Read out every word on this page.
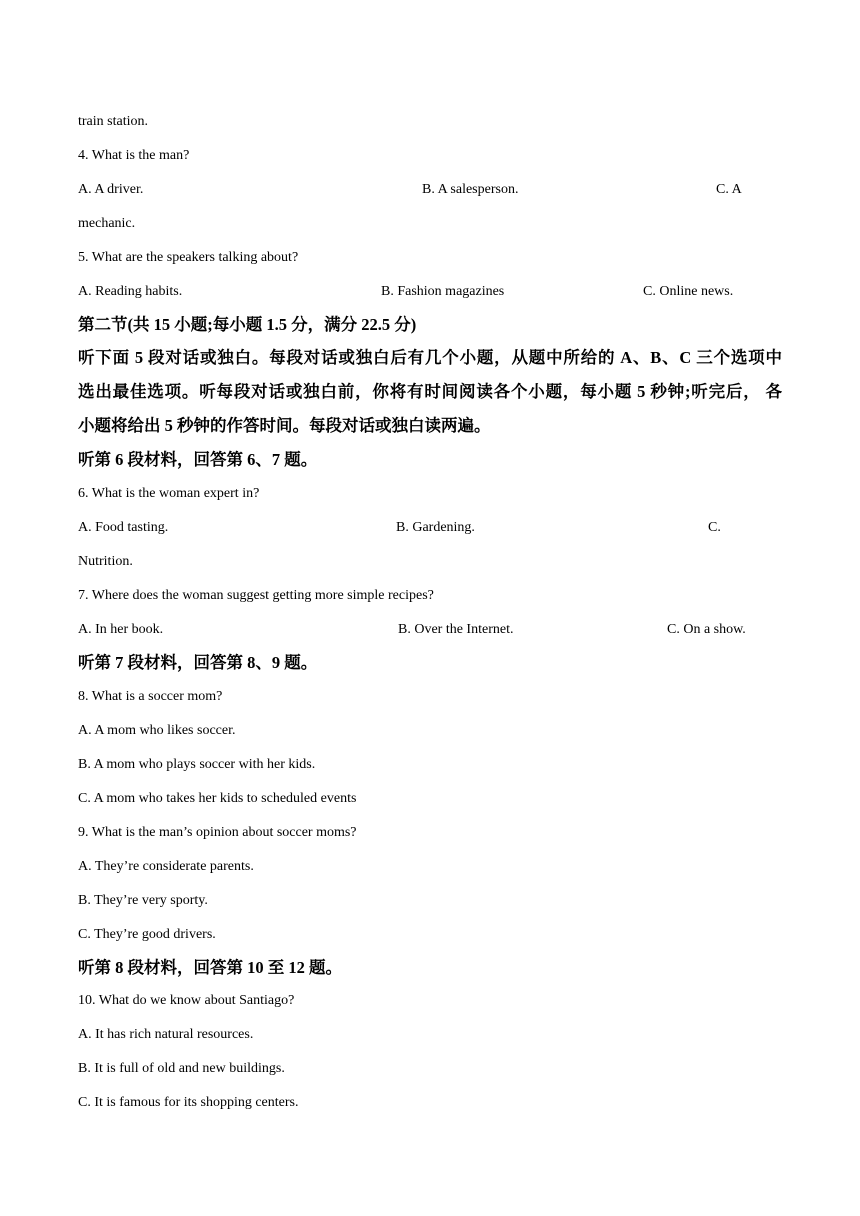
train station.
4. What is the man?
A. A driver.	B. A salesperson.	C. A
mechanic.
5. What are the speakers talking about?
A. Reading habits.	B. Fashion magazines	C. Online news.
第二节(共 15 小题;每小题 1.5 分，满分 22.5 分)
听下面 5 段对话或独白。每段对话或独白后有几个小题，从题中所给的 A、B、C 三个选项中
选出最佳选项。听每段对话或独白前，你将有时间阅读各个小题，每小题 5 秒钟;听完后， 各
小题将给出 5 秒钟的作答时间。每段对话或独白读两遍。
听第 6 段材料，回答第 6、7 题。
6. What is the woman expert in?
A. Food tasting.	B. Gardening.	C.
Nutrition.
7. Where does the woman suggest getting more simple recipes?
A. In her book.	B. Over the Internet.	C. On a show.
听第 7 段材料，回答第 8、9 题。
8. What is a soccer mom?
A. A mom who likes soccer.
B. A mom who plays soccer with her kids.
C. A mom who takes her kids to scheduled events
9. What is the man’s opinion about soccer moms?
A. They’re considerate parents.
B. They’re very sporty.
C. They’re good drivers.
听第 8 段材料，回答第 10 至 12 题。
10. What do we know about Santiago?
A. It has rich natural resources.
B. It is full of old and new buildings.
C. It is famous for its shopping centers.
